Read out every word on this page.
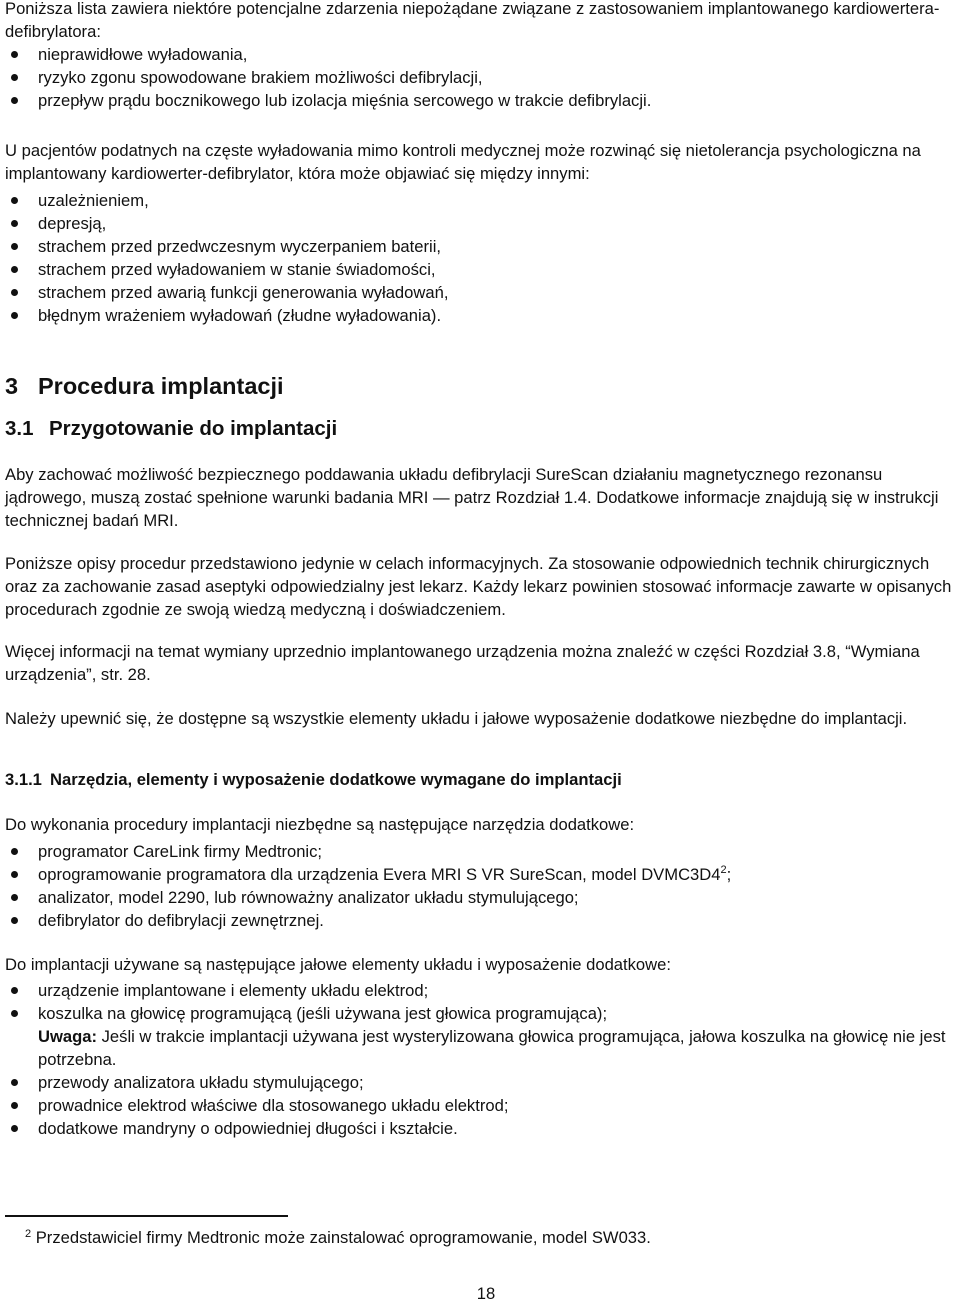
Poniższa lista zawiera niektóre potencjalne zdarzenia niepożądane związane z zastosowaniem implantowanego kardiowertera-defibrylatora:

nieprawidłowe wyładowania,
ryzyko zgonu spowodowane brakiem możliwości defibrylacji,
przepływ prądu bocznikowego lub izolacja mięśnia sercowego w trakcie defibrylacji.

U pacjentów podatnych na częste wyładowania mimo kontroli medycznej może rozwinąć się nietolerancja psychologiczna na implantowany kardiowerter-defibrylator, która może objawiać się między innymi:

uzależnieniem,
depresją,
strachem przed przedwczesnym wyczerpaniem baterii,
strachem przed wyładowaniem w stanie świadomości,
strachem przed awarią funkcji generowania wyładowań,
błędnym wrażeniem wyładowań (złudne wyładowania).
3 Procedura implantacji
3.1 Przygotowanie do implantacji

Aby zachować możliwość bezpiecznego poddawania układu defibrylacji SureScan działaniu magnetycznego rezonansu jądrowego, muszą zostać spełnione warunki badania MRI — patrz Rozdział 1.4. Dodatkowe informacje znajdują się w instrukcji technicznej badań MRI.

Poniższe opisy procedur przedstawiono jedynie w celach informacyjnych. Za stosowanie odpowiednich technik chirurgicznych oraz za zachowanie zasad aseptyki odpowiedzialny jest lekarz. Każdy lekarz powinien stosować informacje zawarte w opisanych procedurach zgodnie ze swoją wiedzą medyczną i doświadczeniem.

Więcej informacji na temat wymiany uprzednio implantowanego urządzenia można znaleźć w części Rozdział 3.8, “Wymiana urządzenia”, str. 28.

Należy upewnić się, że dostępne są wszystkie elementy układu i jałowe wyposażenie dodatkowe niezbędne do implantacji.

3.1.1 Narzędzia, elementy i wyposażenie dodatkowe wymagane do implantacji

Do wykonania procedury implantacji niezbędne są następujące narzędzia dodatkowe:

programator CareLink firmy Medtronic;
oprogramowanie programatora dla urządzenia Evera MRI S VR SureScan, model $DVMC3D4^2$;
analizator, model 2290, lub równoważny analizator układu stymulującego;
defibrylator do defibrylacji zewnętrznej.

Do implantacji używane są następujące jałowe elementy układu i wyposażenie dodatkowe:

urządzenie implantowane i elementy układu elektrod;
koszulka na głowicę programującą (jeśli używana jest głowica programująca);
Uwaga: Jeśli w trakcie implantacji używana jest wysterylizowana głowica programująca, jałowa koszulka na głowicę nie jest potrzebna.
przewody analizatora układu stymulującego;
prowadnice elektrod właściwe dla stosowanego układu elektrod;
dodatkowe mandryny o odpowiedniej długości i kształcie.

$^2$ Przedstawiciel firmy Medtronic może zainstalować oprogramowanie, model SW033.

18
